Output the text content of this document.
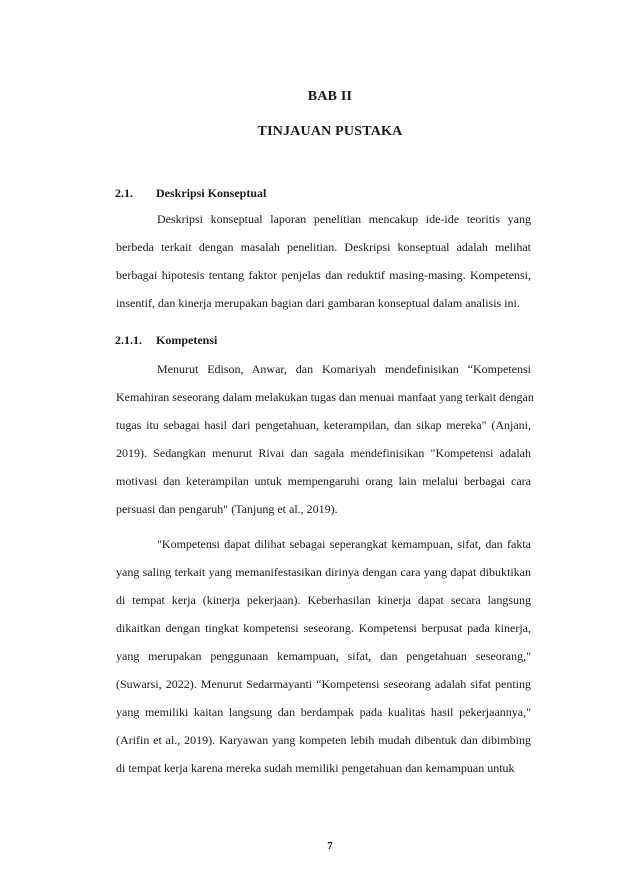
BAB II
TINJAUAN PUSTAKA
2.1. Deskripsi Konseptual
Deskripsi konseptual laporan penelitian mencakup ide-ide teoritis yang
berbeda terkait dengan masalah penelitian. Deskripsi konseptual adalah melihat
berbagai hipotesis tentang faktor penjelas dan reduktif masing-masing. Kompetensi,
insentif, dan kinerja merupakan bagian dari gambaran konseptual dalam analisis ini.
2.1.1. Kompetensi
Menurut Edison, Anwar, dan Komariyah mendefinisikan “Kompetensi
Kemahiran seseorang dalam melakukan tugas dan menuai manfaat yang terkait dengan
tugas itu sebagai hasil dari pengetahuan, keterampilan, dan sikap mereka" (Anjani,
2019). Sedangkan menurut Rivai dan sagala mendefinisikan "Kompetensi adalah
motivasi dan keterampilan untuk mempengaruhi orang lain melalui berbagai cara
persuasi dan pengaruh" (Tanjung et al., 2019).
"Kompetensi dapat dilihat sebagai seperangkat kemampuan, sifat, dan fakta
yang saling terkait yang memanifestasikan dirinya dengan cara yang dapat dibuktikan
di tempat kerja (kinerja pekerjaan). Keberhasilan kinerja dapat secara langsung
dikaitkan dengan tingkat kompetensi seseorang. Kompetensi berpusat pada kinerja,
yang merupakan penggunaan kemampuan, sifat, dan pengetahuan seseorang,"
(Suwarsi, 2022). Menurut Sedarmayanti “Kompetensi seseorang adalah sifat penting
yang memiliki kaitan langsung dan berdampak pada kualitas hasil pekerjaannya,"
(Arifin et al., 2019). Karyawan yang kompeten lebih mudah dibentuk dan dibimbing
di tempat kerja karena mereka sudah memiliki pengetahuan dan kemampuan untuk
7
